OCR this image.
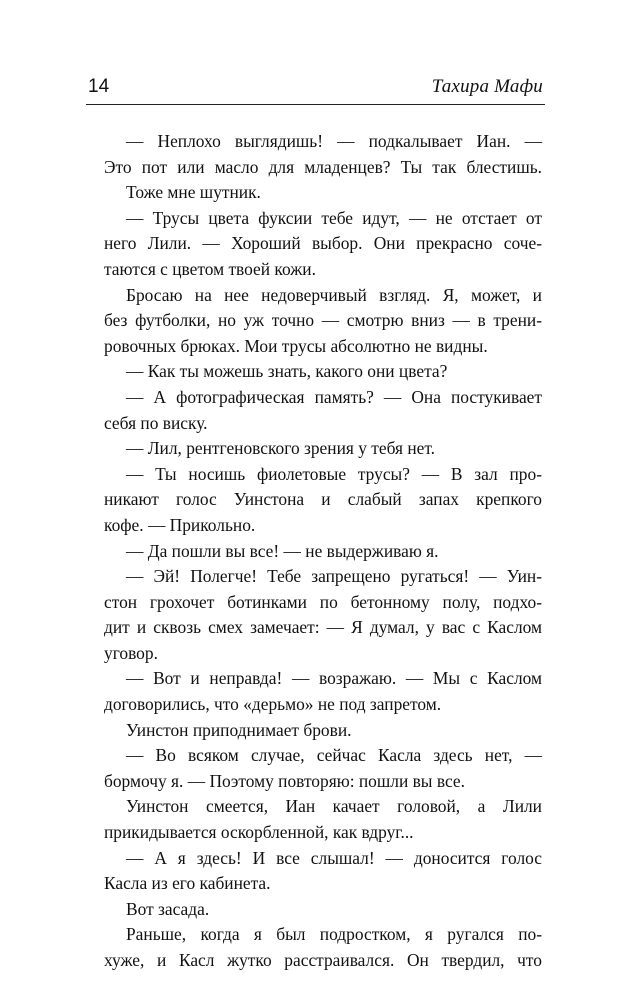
14	Тахира Мафи
— Неплохо выглядишь! — подкалывает Иан. —
Это пот или масло для младенцев? Ты так блестишь.
Тоже мне шутник.
— Трусы цвета фуксии тебе идут, — не отстает от
него Лили. — Хороший выбор. Они прекрасно соче-
таются с цветом твоей кожи.
Бросаю на нее недоверчивый взгляд. Я, может, и
без футболки, но уж точно — смотрю вниз — в трени-
ровочных брюках. Мои трусы абсолютно не видны.
— Как ты можешь знать, какого они цвета?
— А фотографическая память? — Она постукивает
себя по виску.
— Лил, рентгеновского зрения у тебя нет.
— Ты носишь фиолетовые трусы? — В зал про-
никают голос Уинстона и слабый запах крепкого
кофе. — Прикольно.
— Да пошли вы все! — не выдерживаю я.
— Эй! Полегче! Тебе запрещено ругаться! — Уин-
стон грохочет ботинками по бетонному полу, подхо-
дит и сквозь смех замечает: — Я думал, у вас с Каслом
уговор.
— Вот и неправда! — возражаю. — Мы с Каслом
договорились, что «дерьмо» не под запретом.
Уинстон приподнимает брови.
— Во всяком случае, сейчас Касла здесь нет, —
бормочу я. — Поэтому повторяю: пошли вы все.
Уинстон смеется, Иан качает головой, а Лили
прикидывается оскорбленной, как вдруг...
— А я здесь! И все слышал! — доносится голос
Касла из его кабинета.
Вот засада.
Раньше, когда я был подростком, я ругался по-
хуже, и Касл жутко расстраивался. Он твердил, что
